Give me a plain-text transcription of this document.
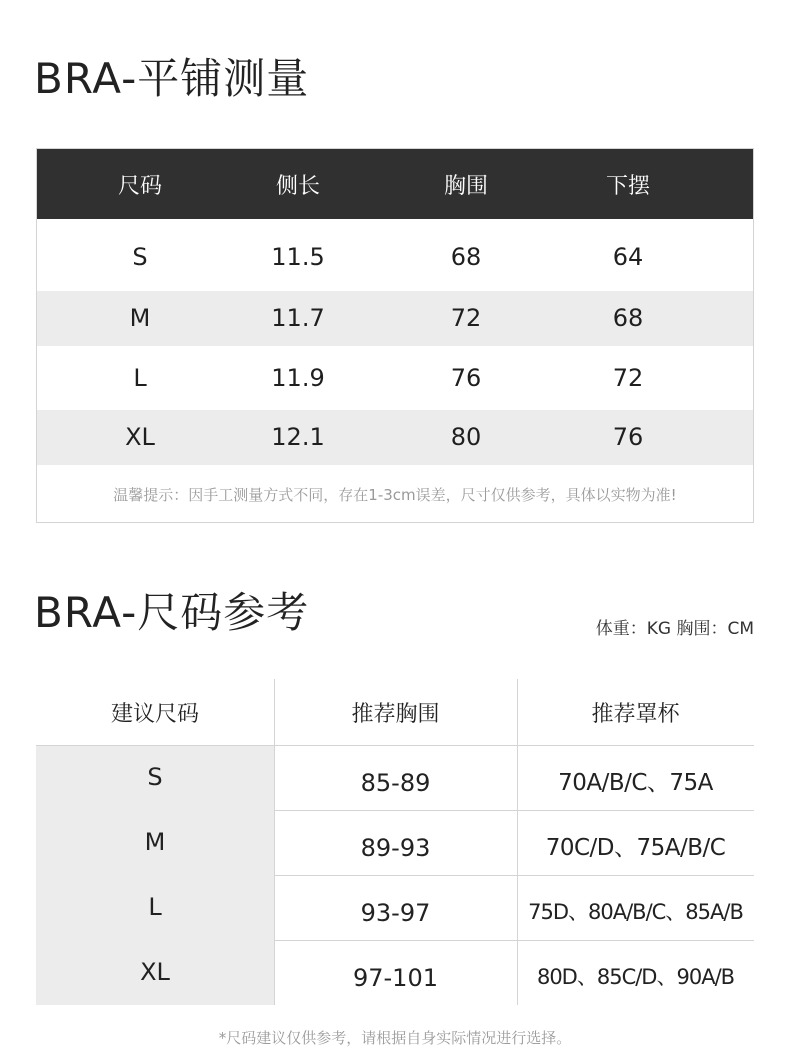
BRA-平铺测量
尺码	侧长	胸围	下摆
S	11.5	68	64
M	11.7	72	68
L	11.9	76	72
XL	12.1	80	76
温馨提示：因手工测量方式不同，存在1-3cm误差，尺寸仅供参考，具体以实物为准!
BRA-尺码参考	体重：KG 胸围：CM
建议尺码	推荐胸围	推荐罩杯
S	85-89	70A/B/C、75A
M	89-93	70C/D、75A/B/C
L	93-97	75D、80A/B/C、85A/B
XL	97-101	80D、85C/D、90A/B
*尺码建议仅供参考，请根据自身实际情况进行选择。
